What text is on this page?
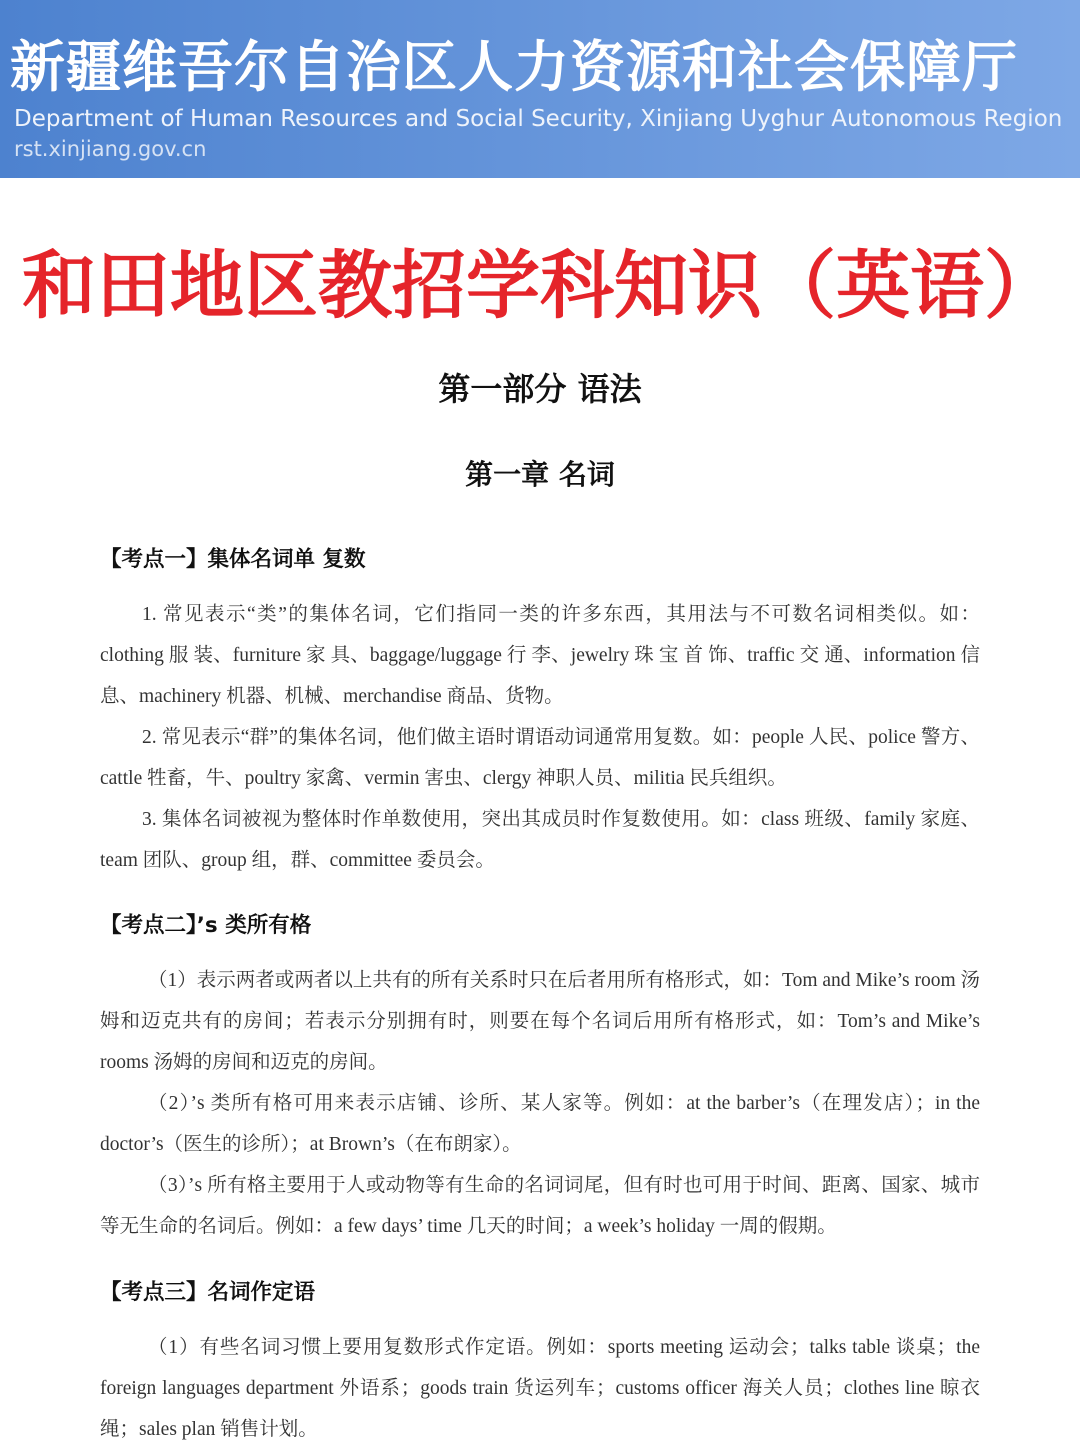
新疆维吾尔自治区人力资源和社会保障厅
Department of Human Resources and Social Security, Xinjiang Uyghur Autonomous Region
rst.xinjiang.gov.cn
和田地区教招学科知识（英语）
第一部分 语法
第一章 名词
【考点一】集体名词单 复数

1. 常见表示“类”的集体名词，它们指同一类的许多东西，其用法与不可数名词相类似。如：clothing 服 装、furniture 家 具、baggage/luggage 行 李、jewelry 珠 宝 首 饰、traffic 交 通、information 信息、machinery 机器、机械、merchandise 商品、货物。

2. 常见表示“群”的集体名词，他们做主语时谓语动词通常用复数。如：people 人民、police 警方、cattle 牲畜，牛、poultry 家禽、vermin 害虫、clergy 神职人员、militia 民兵组织。

3. 集体名词被视为整体时作单数使用，突出其成员时作复数使用。如：class 班级、family 家庭、team 团队、group 组，群、committee 委员会。

【考点二】’s 类所有格

（1）表示两者或两者以上共有的所有关系时只在后者用所有格形式，如：Tom and Mike’s room 汤姆和迈克共有的房间；若表示分别拥有时，则要在每个名词后用所有格形式，如：Tom’s and Mike’s rooms 汤姆的房间和迈克的房间。

（2）’s 类所有格可用来表示店铺、诊所、某人家等。例如：at the barber’s（在理发店）；in the doctor’s（医生的诊所）；at Brown’s（在布朗家）。

（3）’s 所有格主要用于人或动物等有生命的名词词尾，但有时也可用于时间、距离、国家、城市等无生命的名词后。例如：a few days’ time 几天的时间；a week’s holiday 一周的假期。

【考点三】名词作定语

（1）有些名词习惯上要用复数形式作定语。例如：sports meeting 运动会；talks table 谈桌；the foreign languages department 外语系；goods train 货运列车；customs officer 海关人员；clothes line 晾衣绳；sales plan 销售计划。
